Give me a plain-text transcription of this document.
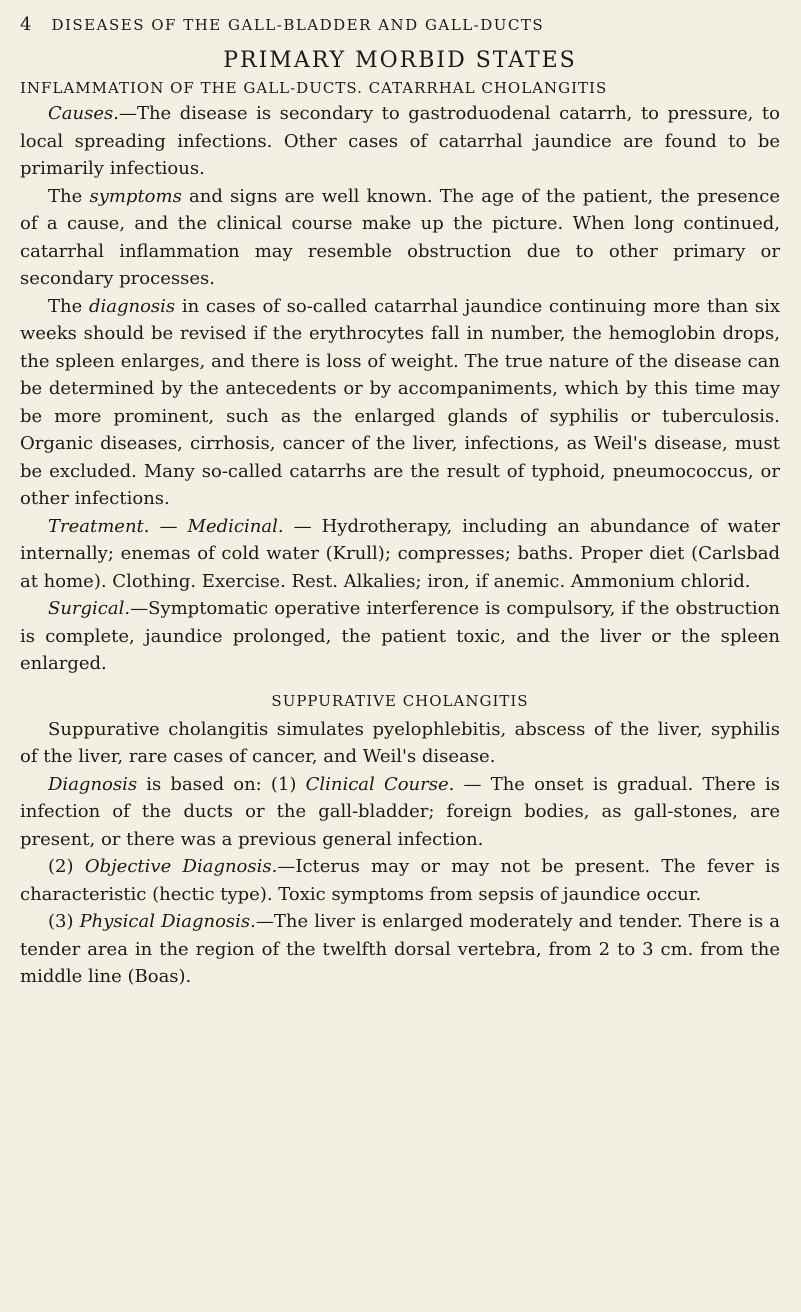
4 DISEASES OF THE GALL-BLADDER AND GALL-DUCTS
PRIMARY MORBID STATES
INFLAMMATION OF THE GALL-DUCTS. CATARRHAL CHOLANGITIS

Causes.—The disease is secondary to gastroduodenal catarrh, to pressure, to local spreading infections. Other cases of catarrhal jaundice are found to be primarily infectious.

The symptoms and signs are well known. The age of the patient, the presence of a cause, and the clinical course make up the picture. When long continued, catarrhal inflammation may resemble obstruction due to other primary or secondary processes.

The diagnosis in cases of so-called catarrhal jaundice continuing more than six weeks should be revised if the erythrocytes fall in number, the hemoglobin drops, the spleen enlarges, and there is loss of weight. The true nature of the disease can be determined by the antecedents or by accompaniments, which by this time may be more prominent, such as the enlarged glands of syphilis or tuberculosis. Organic diseases, cirrhosis, cancer of the liver, infections, as Weil's disease, must be excluded. Many so-called catarrhs are the result of typhoid, pneumococcus, or other infections.

Treatment. — Medicinal. — Hydrotherapy, including an abundance of water internally; enemas of cold water (Krull); compresses; baths. Proper diet (Carlsbad at home). Clothing. Exercise. Rest. Alkalies; iron, if anemic. Ammonium chlorid.

Surgical.—Symptomatic operative interference is compulsory, if the obstruction is complete, jaundice prolonged, the patient toxic, and the liver or the spleen enlarged.

SUPPURATIVE CHOLANGITIS

Suppurative cholangitis simulates pyelophlebitis, abscess of the liver, syphilis of the liver, rare cases of cancer, and Weil's disease.

Diagnosis is based on: (1) Clinical Course. — The onset is gradual. There is infection of the ducts or the gall-bladder; foreign bodies, as gall-stones, are present, or there was a previous general infection.

(2) Objective Diagnosis.—Icterus may or may not be present. The fever is characteristic (hectic type). Toxic symptoms from sepsis of jaundice occur.

(3) Physical Diagnosis.—The liver is enlarged moderately and tender. There is a tender area in the region of the twelfth dorsal vertebra, from 2 to 3 cm. from the middle line (Boas).
